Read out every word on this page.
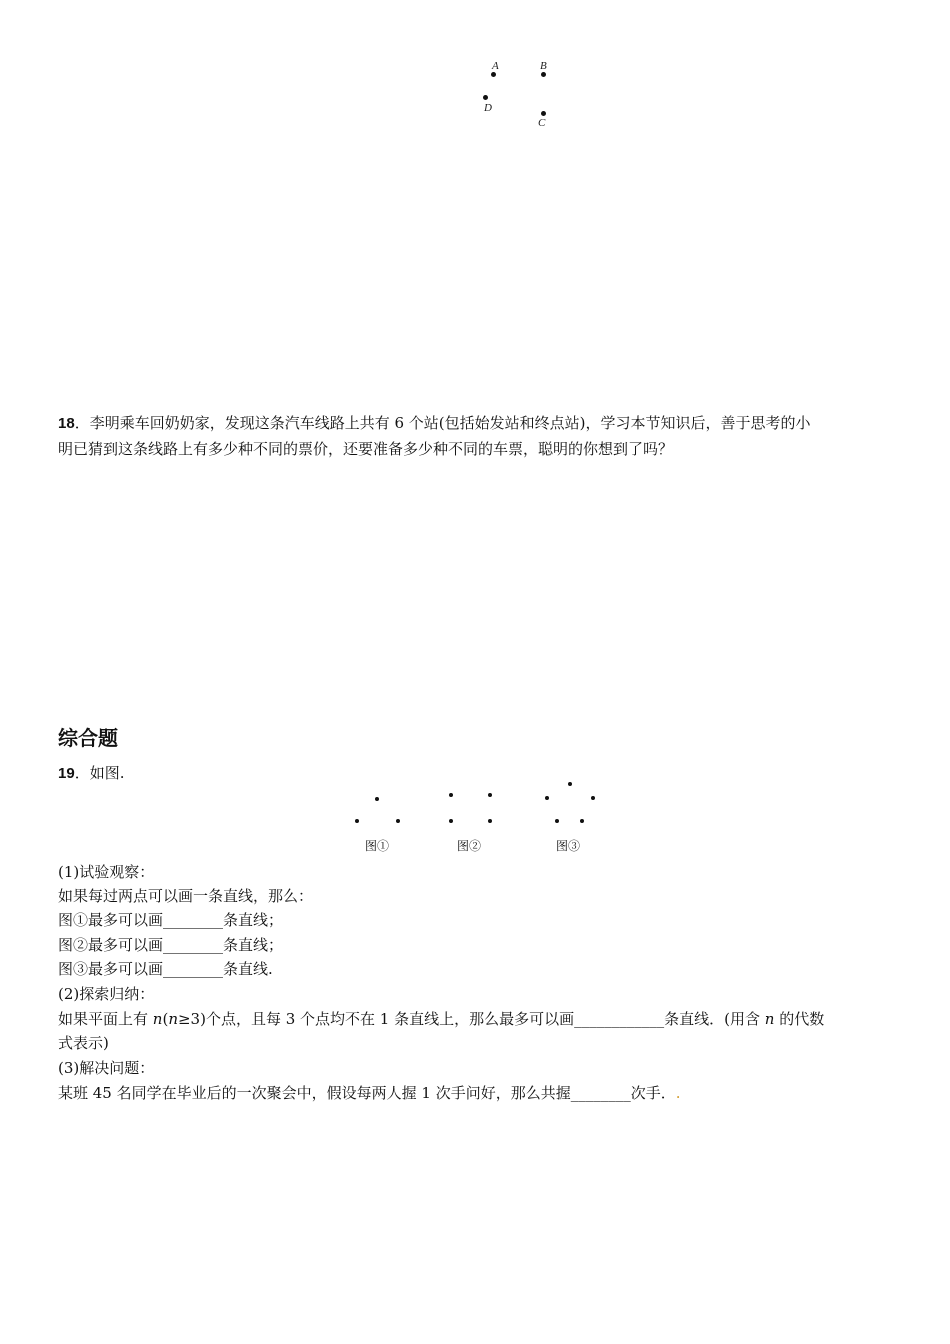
A	B
D
C
18．李明乘车回奶奶家，发现这条汽车线路上共有 6 个站(包括始发站和终点站)，学习本节知识后，善于思考的小
明已猜到这条线路上有多少种不同的票价，还要准备多少种不同的车票，聪明的你想到了吗？
综合题
19．如图.
图①	图②	图③
(1)试验观察：
如果每过两点可以画一条直线，那么：
图①最多可以画________条直线；
图②最多可以画________条直线；
图③最多可以画________条直线.
(2)探索归纳：
如果平面上有 n(n≥3)个点，且每 3 个点均不在 1 条直线上，那么最多可以画____________条直线．(用含 n 的代数
式表示)
(3)解决问题：
某班 45 名同学在毕业后的一次聚会中，假设每两人握 1 次手问好，那么共握________次手．.
